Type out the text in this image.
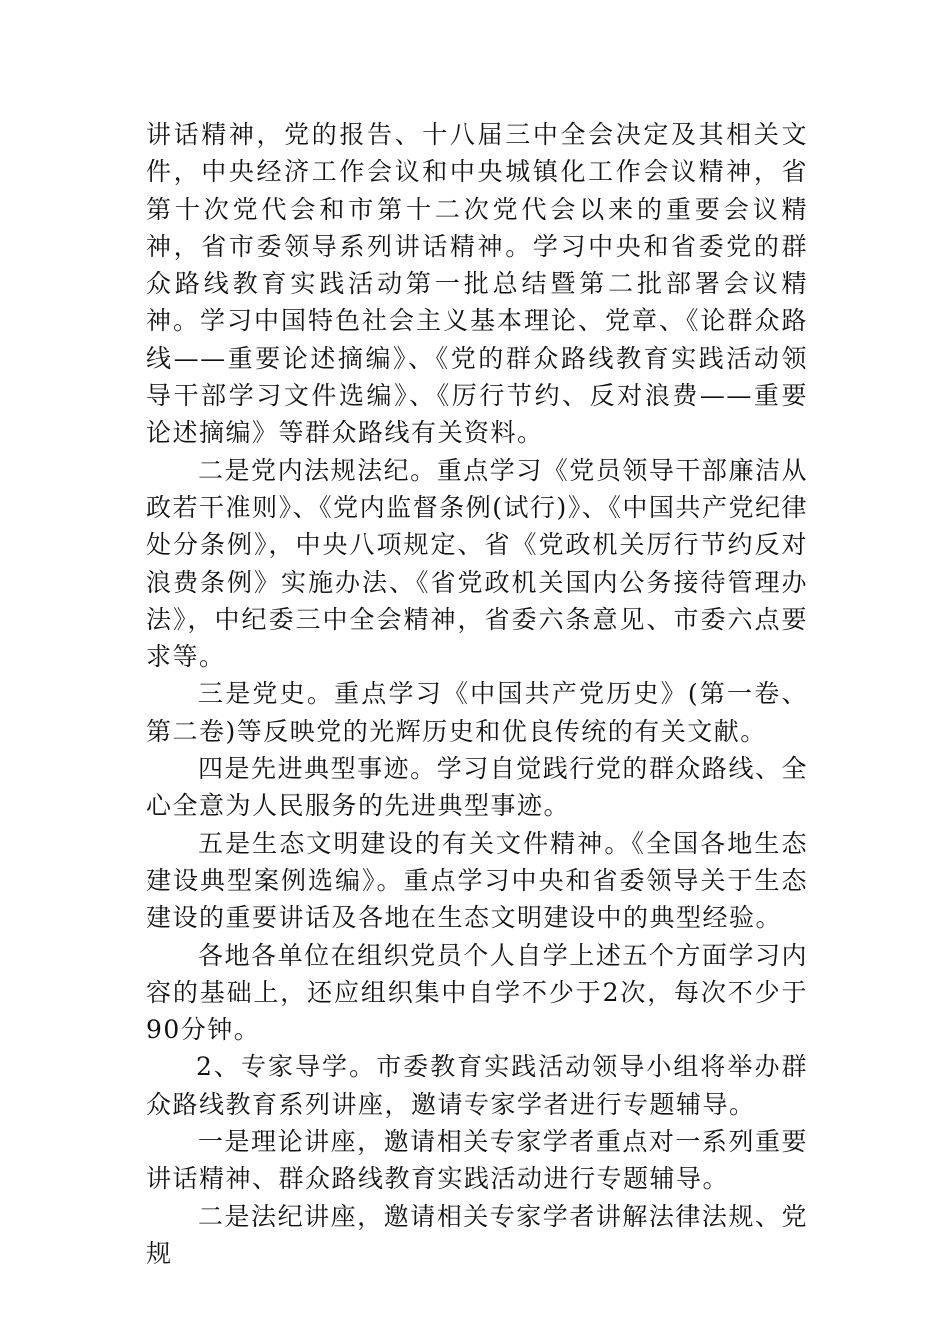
讲话精神，党的报告、十八届三中全会决定及其相关文件，中央经济工作会议和中央城镇化工作会议精神，省第十次党代会和市第十二次党代会以来的重要会议精神，省市委领导系列讲话精神。学习中央和省委党的群众路线教育实践活动第一批总结暨第二批部署会议精神。学习中国特色社会主义基本理论、党章、《论群众路线——重要论述摘编》、《党的群众路线教育实践活动领导干部学习文件选编》、《厉行节约、反对浪费——重要论述摘编》等群众路线有关资料。

二是党内法规法纪。重点学习《党员领导干部廉洁从政若干准则》、《党内监督条例(试行)》、《中国共产党纪律处分条例》，中央八项规定、省《党政机关厉行节约反对浪费条例》实施办法、《省党政机关国内公务接待管理办法》，中纪委三中全会精神，省委六条意见、市委六点要求等。

三是党史。重点学习《中国共产党历史》(第一卷、第二卷)等反映党的光辉历史和优良传统的有关文献。

四是先进典型事迹。学习自觉践行党的群众路线、全心全意为人民服务的先进典型事迹。

五是生态文明建设的有关文件精神。《全国各地生态建设典型案例选编》。重点学习中央和省委领导关于生态建设的重要讲话及各地在生态文明建设中的典型经验。

各地各单位在组织党员个人自学上述五个方面学习内容的基础上，还应组织集中自学不少于2次，每次不少于90分钟。

2、专家导学。市委教育实践活动领导小组将举办群众路线教育系列讲座，邀请专家学者进行专题辅导。

一是理论讲座，邀请相关专家学者重点对一系列重要讲话精神、群众路线教育实践活动进行专题辅导。

二是法纪讲座，邀请相关专家学者讲解法律法规、党规
